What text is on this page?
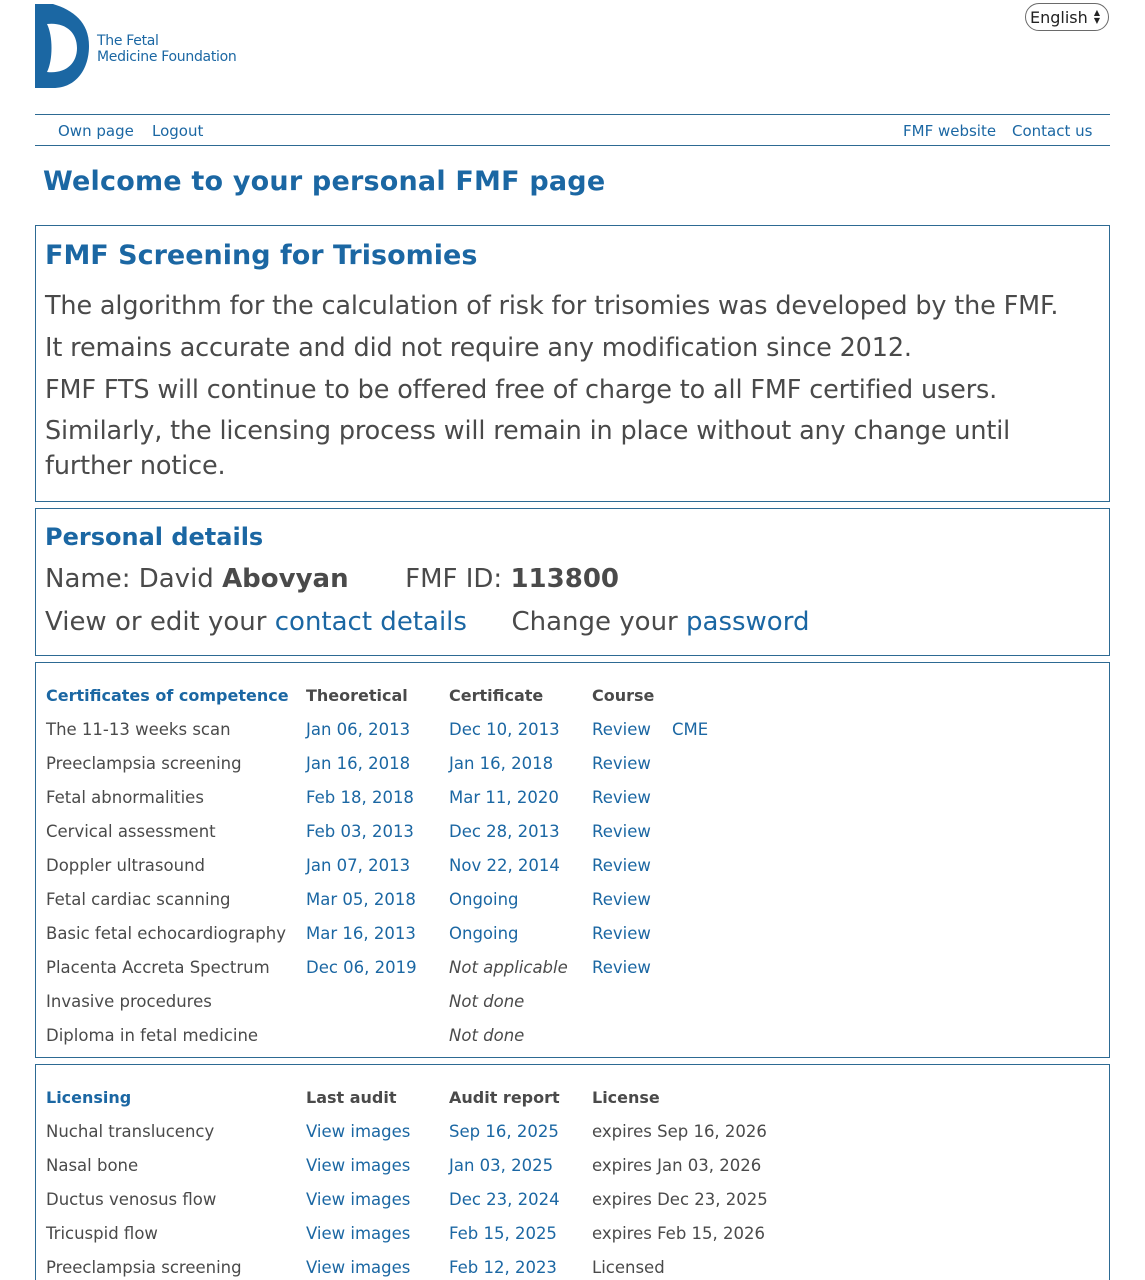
The Fetal
Medicine Foundation
English ▲
▼
Own page Logout	FMF website Contact us
Welcome to your personal FMF page
FMF Screening for Trisomies

The algorithm for the calculation of risk for trisomies was developed by the FMF.

It remains accurate and did not require any modification since 2012.

FMF FTS will continue to be offered free of charge to all FMF certified users.

Similarly, the licensing process will remain in place without any change until further notice.

Personal details
Name: David Abovyan FMF ID: 113800
View or edit your contact details Change your password
Certificates of competence	Theoretical	Certificate	Course	
The 11-13 weeks scan	Jan 06, 2013	Dec 10, 2013	Review	CME
Preeclampsia screening	Jan 16, 2018	Jan 16, 2018	Review	
Fetal abnormalities	Feb 18, 2018	Mar 11, 2020	Review	
Cervical assessment	Feb 03, 2013	Dec 28, 2013	Review	
Doppler ultrasound	Jan 07, 2013	Nov 22, 2014	Review	
Fetal cardiac scanning	Mar 05, 2018	Ongoing	Review	
Basic fetal echocardiography	Mar 16, 2013	Ongoing	Review	
Placenta Accreta Spectrum	Dec 06, 2019	Not applicable	Review	
Invasive procedures		Not done		
Diploma in fetal medicine		Not done		
Licensing	Last audit	Audit report	License
Nuchal translucency	View images	Sep 16, 2025	expires Sep 16, 2026
Nasal bone	View images	Jan 03, 2025	expires Jan 03, 2026
Ductus venosus flow	View images	Dec 23, 2024	expires Dec 23, 2025
Tricuspid flow	View images	Feb 15, 2025	expires Feb 15, 2026
Preeclampsia screening	View images	Feb 12, 2023	Licensed
